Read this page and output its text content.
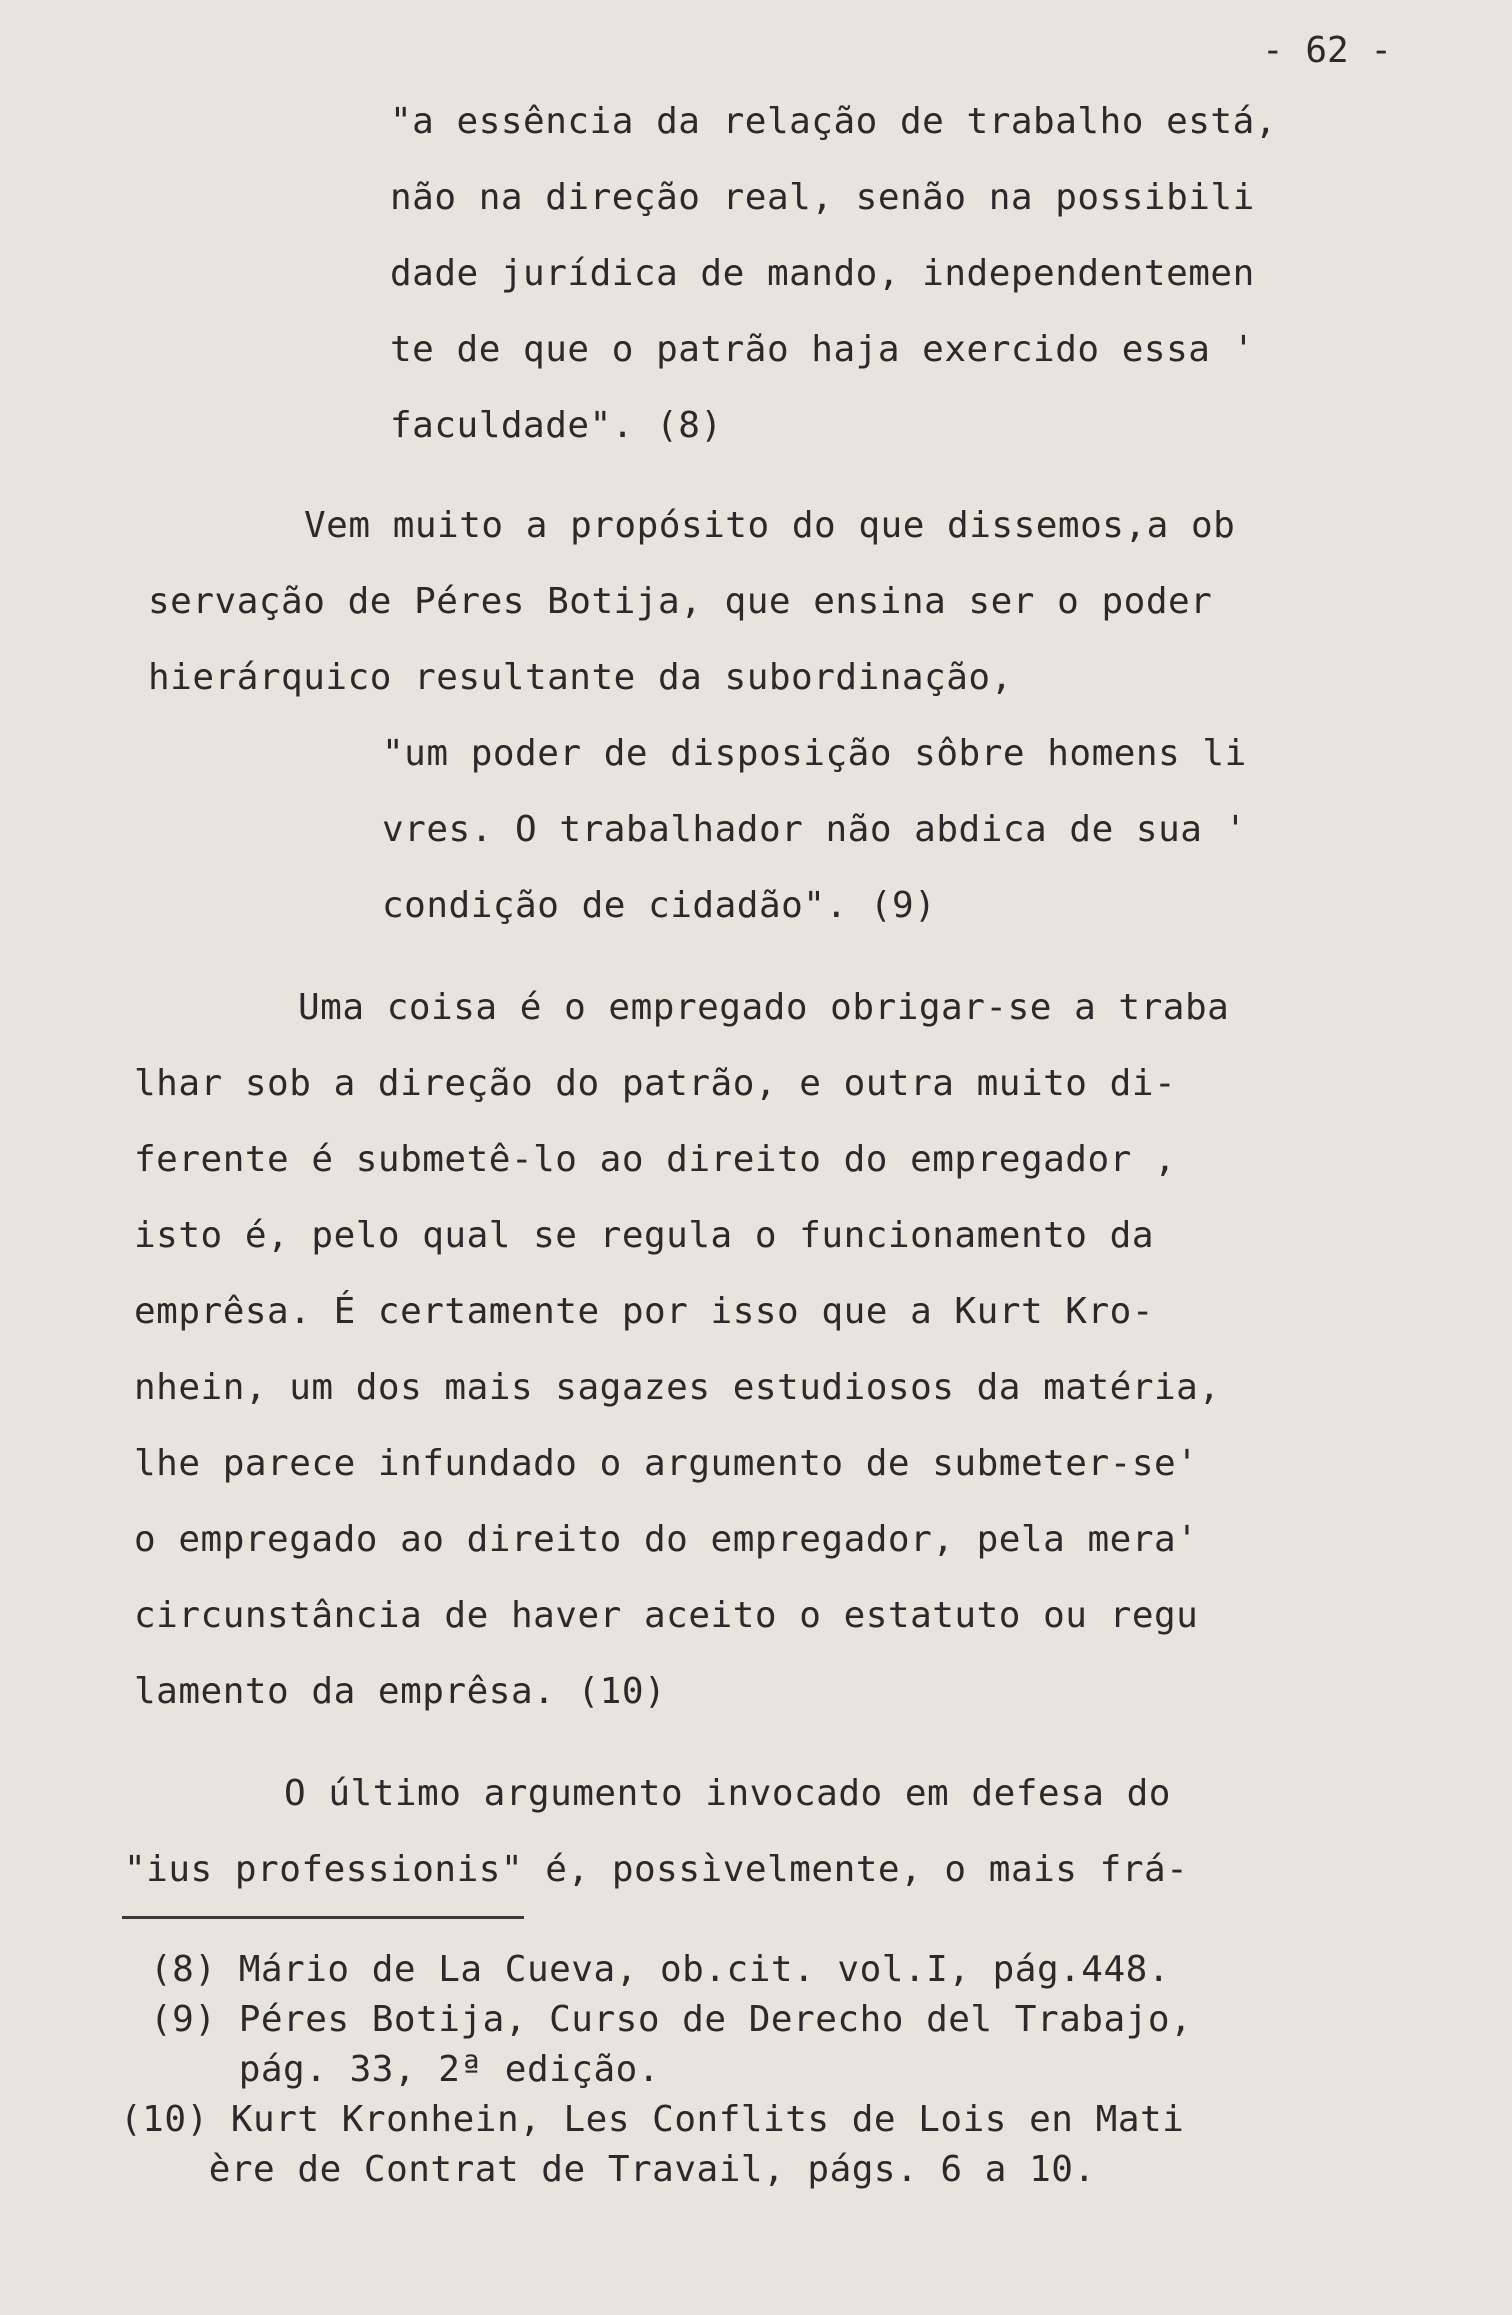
- 62 -
"a essência da relação de trabalho está,
não na direção real, senão na possibili
dade jurídica de mando, independentemen
te de que o patrão haja exercido essa '
faculdade". (8)
Vem muito a propósito do que dissemos,a ob
servação de Péres Botija, que ensina ser o poder
hierárquico resultante da subordinação,
"um poder de disposição sôbre homens li
vres. O trabalhador não abdica de sua '
condição de cidadão". (9)
Uma coisa é o empregado obrigar-se a traba
lhar sob a direção do patrão, e outra muito di-
ferente é submetê-lo ao direito do empregador ,
isto é, pelo qual se regula o funcionamento da
emprêsa. É certamente por isso que a Kurt Kro-
nhein, um dos mais sagazes estudiosos da matéria,
lhe parece infundado o argumento de submeter-se'
o empregado ao direito do empregador, pela mera'
circunstância de haver aceito o estatuto ou regu
lamento da emprêsa. (10)
O último argumento invocado em defesa do
"ius professionis" é, possìvelmente, o mais frá-
(8) Mário de La Cueva, ob.cit. vol.I, pág.448.
(9) Péres Botija, Curso de Derecho del Trabajo,
pág. 33, 2ª edição.
(10) Kurt Kronhein, Les Conflits de Lois en Mati
ère de Contrat de Travail, págs. 6 a 10.
